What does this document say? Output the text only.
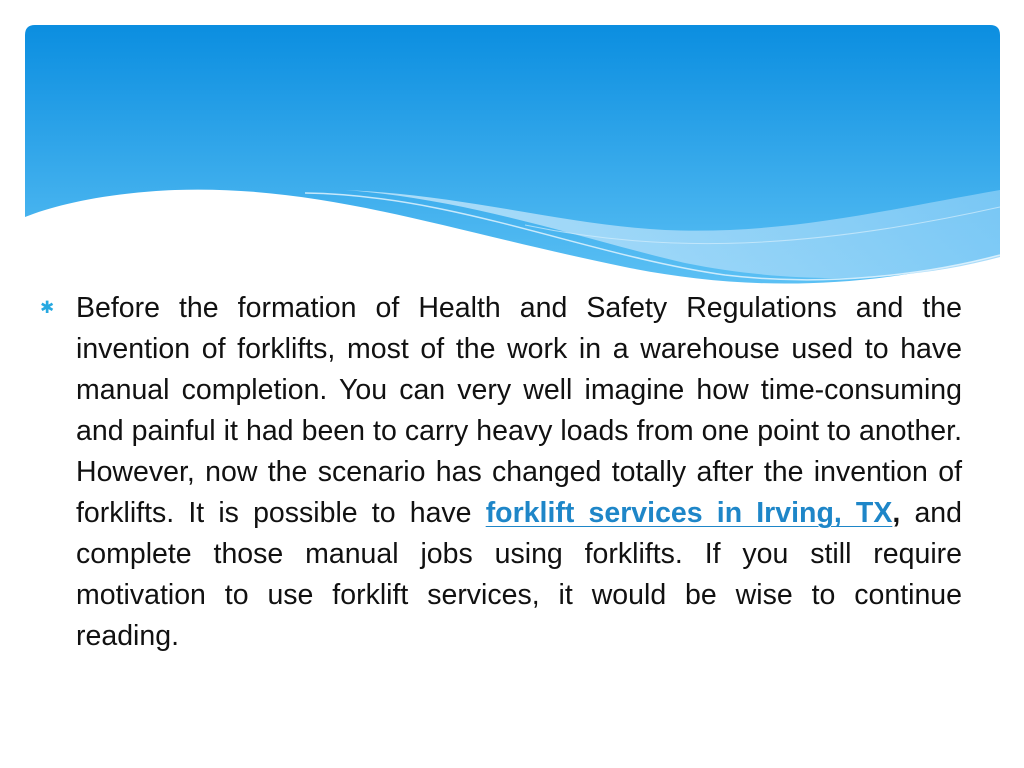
✱ Before the formation of Health and Safety Regulations and the invention of forklifts, most of the work in a warehouse used to have manual completion. You can very well imagine how time-consuming and painful it had been to carry heavy loads from one point to another. However, now the scenario has changed totally after the invention of forklifts. It is possible to have forklift services in Irving, TX, and complete those manual jobs using forklifts. If you still require motivation to use forklift services, it would be wise to continue reading.
